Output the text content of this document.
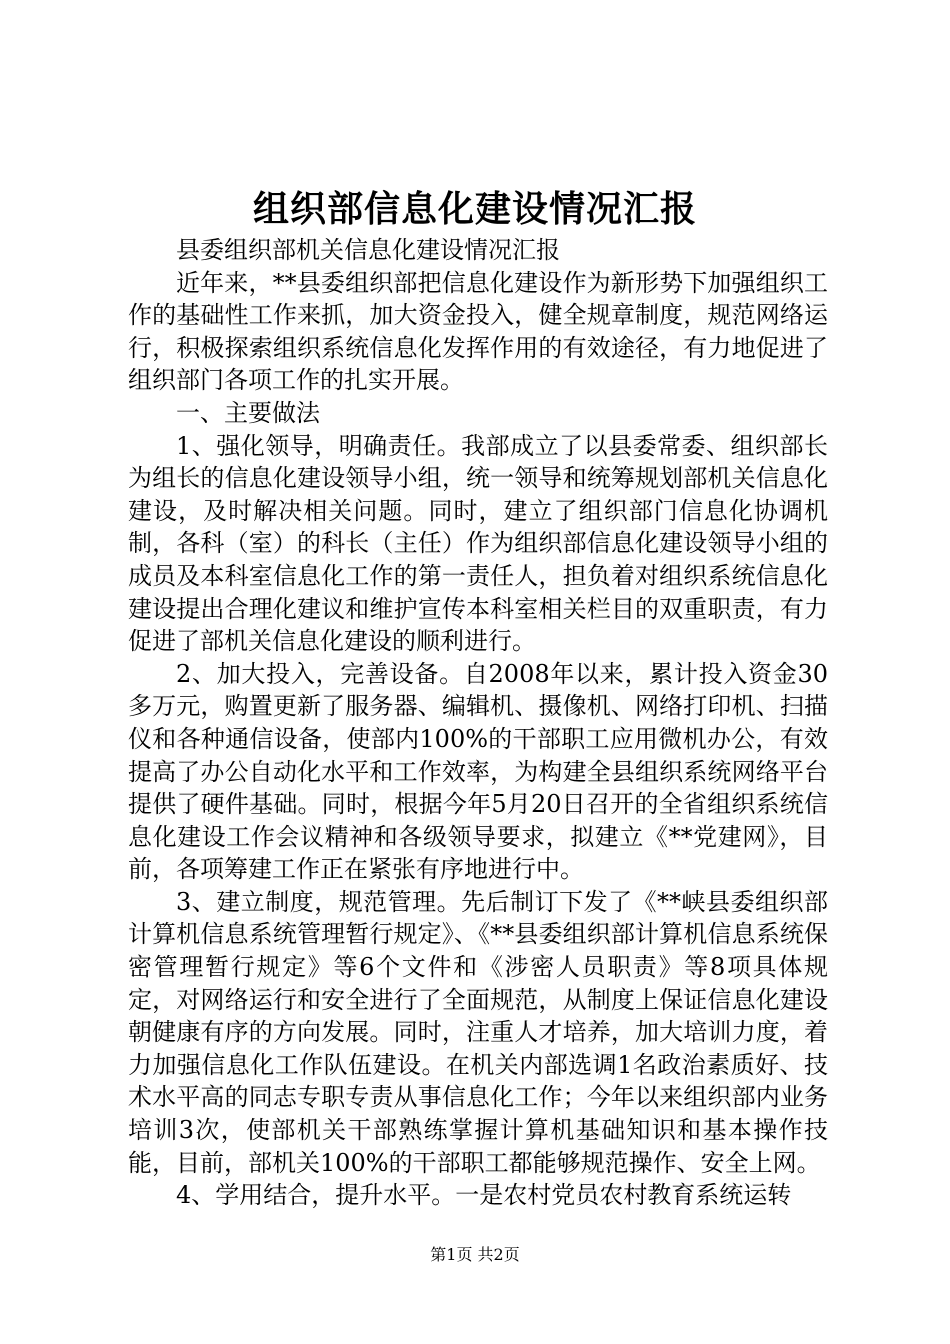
组织部信息化建设情况汇报

县委组织部机关信息化建设情况汇报

近年来，**县委组织部把信息化建设作为新形势下加强组织工作的基础性工作来抓，加大资金投入，健全规章制度，规范网络运行，积极探索组织系统信息化发挥作用的有效途径，有力地促进了组织部门各项工作的扎实开展。

一、主要做法

1、强化领导，明确责任。我部成立了以县委常委、组织部长为组长的信息化建设领导小组，统一领导和统筹规划部机关信息化建设，及时解决相关问题。同时，建立了组织部门信息化协调机制，各科（室）的科长（主任）作为组织部信息化建设领导小组的成员及本科室信息化工作的第一责任人，担负着对组织系统信息化建设提出合理化建议和维护宣传本科室相关栏目的双重职责，有力促进了部机关信息化建设的顺利进行。

2、加大投入，完善设备。自2008年以来，累计投入资金30多万元，购置更新了服务器、编辑机、摄像机、网络打印机、扫描仪和各种通信设备，使部内100%的干部职工应用微机办公，有效提高了办公自动化水平和工作效率，为构建全县组织系统网络平台提供了硬件基础。同时，根据今年5月20日召开的全省组织系统信息化建设工作会议精神和各级领导要求，拟建立《**党建网》，目前，各项筹建工作正在紧张有序地进行中。

3、建立制度，规范管理。先后制订下发了《**峡县委组织部计算机信息系统管理暂行规定》、《**县委组织部计算机信息系统保密管理暂行规定》等6个文件和《涉密人员职责》等8项具体规定，对网络运行和安全进行了全面规范，从制度上保证信息化建设朝健康有序的方向发展。同时，注重人才培养，加大培训力度，着力加强信息化工作队伍建设。在机关内部选调1名政治素质好、技术水平高的同志专职专责从事信息化工作；今年以来组织部内业务培训3次，使部机关干部熟练掌握计算机基础知识和基本操作技能，目前，部机关100%的干部职工都能够规范操作、安全上网。

4、学用结合，提升水平。一是农村党员农村教育系统运转

第1页 共2页
